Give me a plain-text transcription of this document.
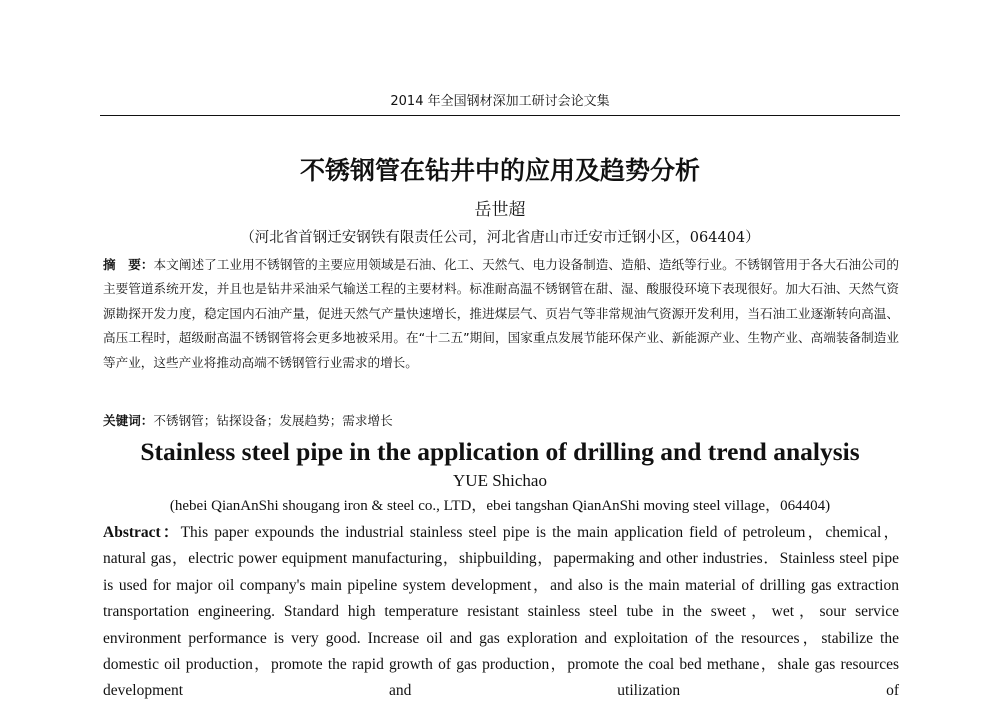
2014 年全国钢材深加工研讨会论文集
不锈钢管在钻井中的应用及趋势分析
岳世超
（河北省首钢迁安钢铁有限责任公司，河北省唐山市迁安市迁钢小区，064404）
摘　要：本文阐述了工业用不锈钢管的主要应用领域是石油、化工、天然气、电力设备制造、造船、造纸等行业。不锈钢管用于各大石油公司的主要管道系统开发，并且也是钻井采油采气输送工程的主要材料。标准耐高温不锈钢管在甜、湿、酸服役环境下表现很好。加大石油、天然气资源勘探开发力度，稳定国内石油产量，促进天然气产量快速增长，推进煤层气、页岩气等非常规油气资源开发利用，当石油工业逐渐转向高温、高压工程时，超级耐高温不锈钢管将会更多地被采用。在“十二五”期间，国家重点发展节能环保产业、新能源产业、生物产业、高端装备制造业等产业，这些产业将推动高端不锈钢管行业需求的增长。
关键词：不锈钢管；钻探设备；发展趋势；需求增长
Stainless steel pipe in the application of drilling and trend analysis
YUE Shichao
(hebei QianAnShi shougang iron & steel co., LTD，ebei tangshan QianAnShi moving steel village，064404)
Abstract：This paper expounds the industrial stainless steel pipe is the main application field of petroleum，chemical，natural gas，electric power equipment manufacturing，shipbuilding，papermaking and other industries．Stainless steel pipe is used for major oil company's main pipeline system development，and also is the main material of drilling gas extraction transportation engineering. Standard high temperature resistant stainless steel tube in the sweet，wet，sour service environment performance is very good. Increase oil and gas exploration and exploitation of the resources，stabilize the domestic oil production，promote the rapid growth of gas production，promote the coal bed methane，shale gas resources development and utilization of
